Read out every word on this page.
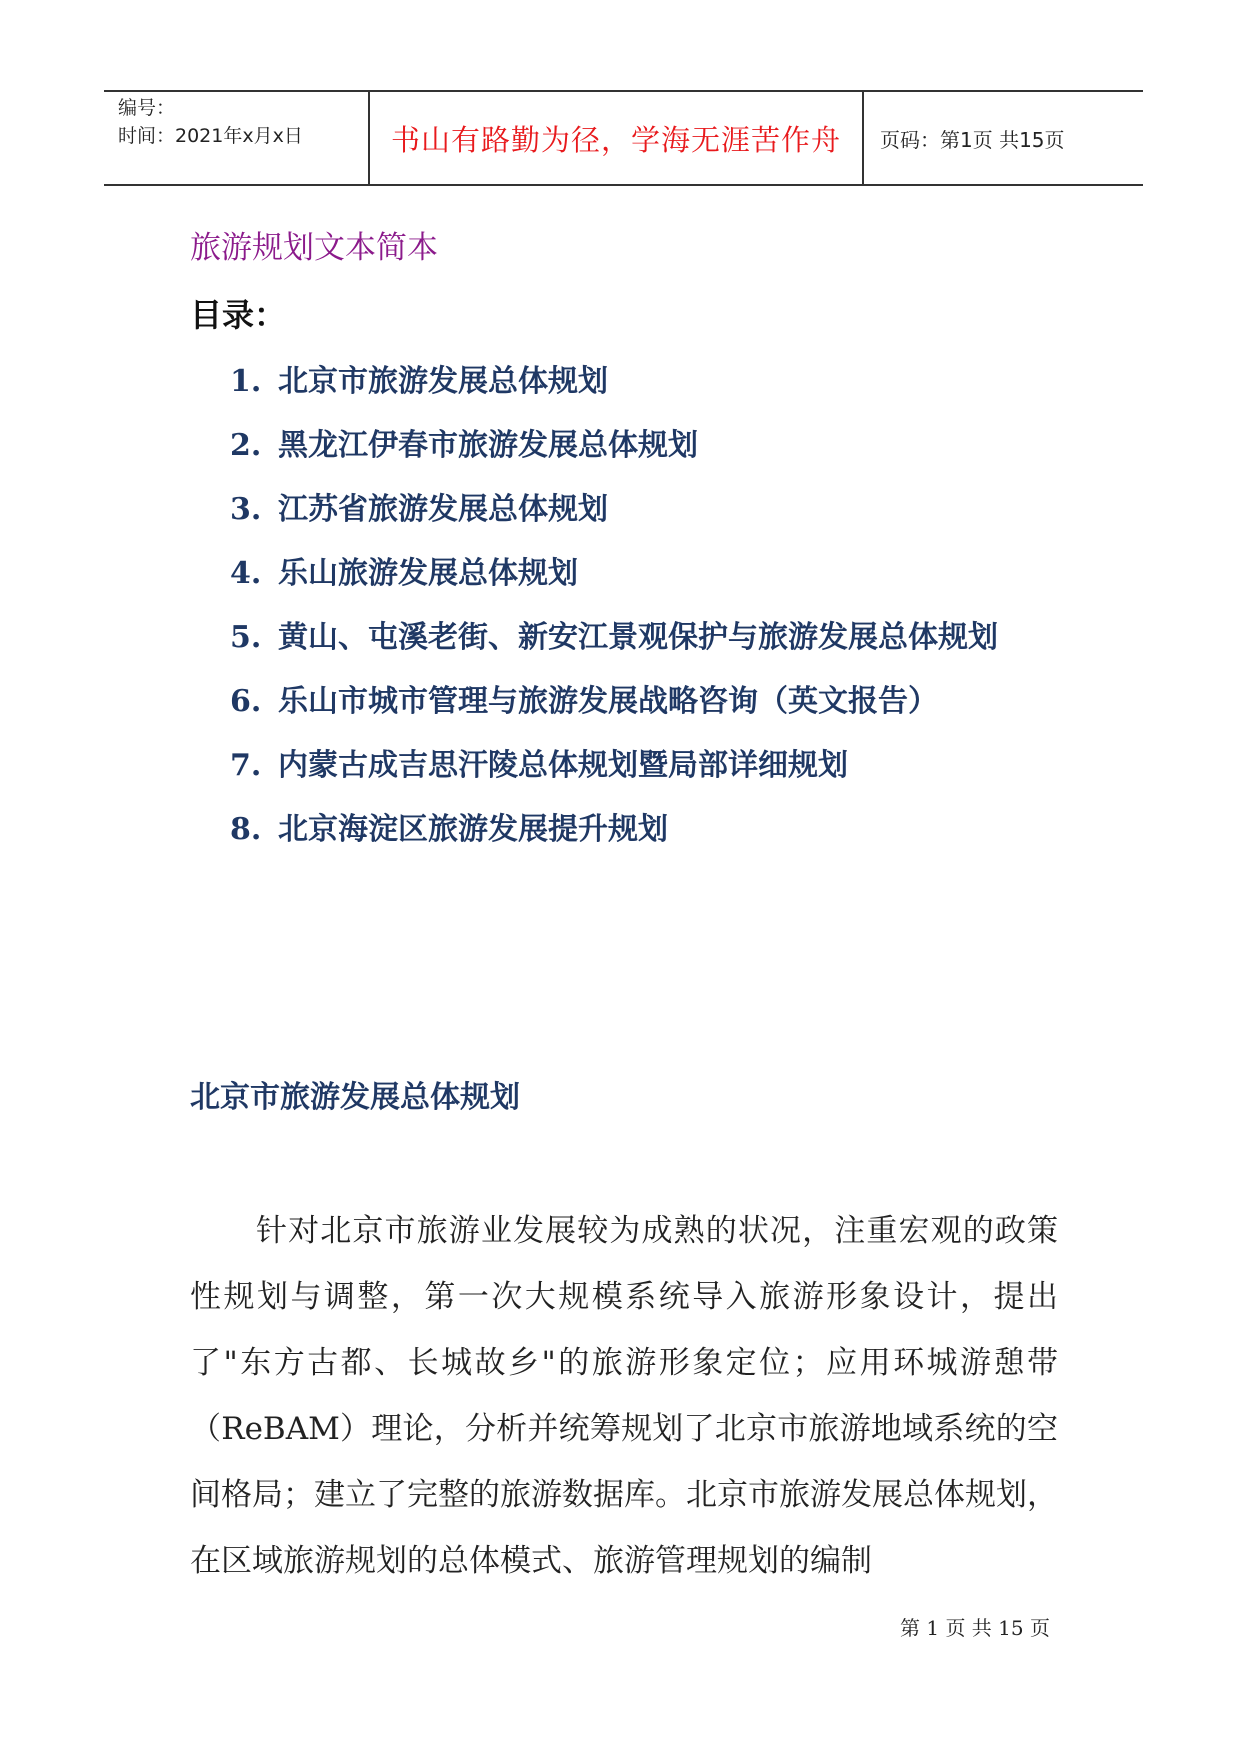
编号：
时间：2021年x月x日	书山有路勤为径，学海无涯苦作舟 页码：第1页 共15页
旅游规划文本简本
目录：
1. 北京市旅游发展总体规划
2. 黑龙江伊春市旅游发展总体规划
3. 江苏省旅游发展总体规划
4. 乐山旅游发展总体规划
5. 黄山、屯溪老街、新安江景观保护与旅游发展总体规划
6. 乐山市城市管理与旅游发展战略咨询（英文报告）
7. 内蒙古成吉思汗陵总体规划暨局部详细规划
8. 北京海淀区旅游发展提升规划
北京市旅游发展总体规划

针对北京市旅游业发展较为成熟的状况，注重宏观的政策性规划与调整，第一次大规模系统导入旅游形象设计，提出了"东方古都、长城故乡"的旅游形象定位；应用环城游憩带（ReBAM）理论，分析并统筹规划了北京市旅游地域系统的空间格局；建立了完整的旅游数据库。北京市旅游发展总体规划，在区域旅游规划的总体模式、旅游管理规划的编制

第 1 页 共 15 页
